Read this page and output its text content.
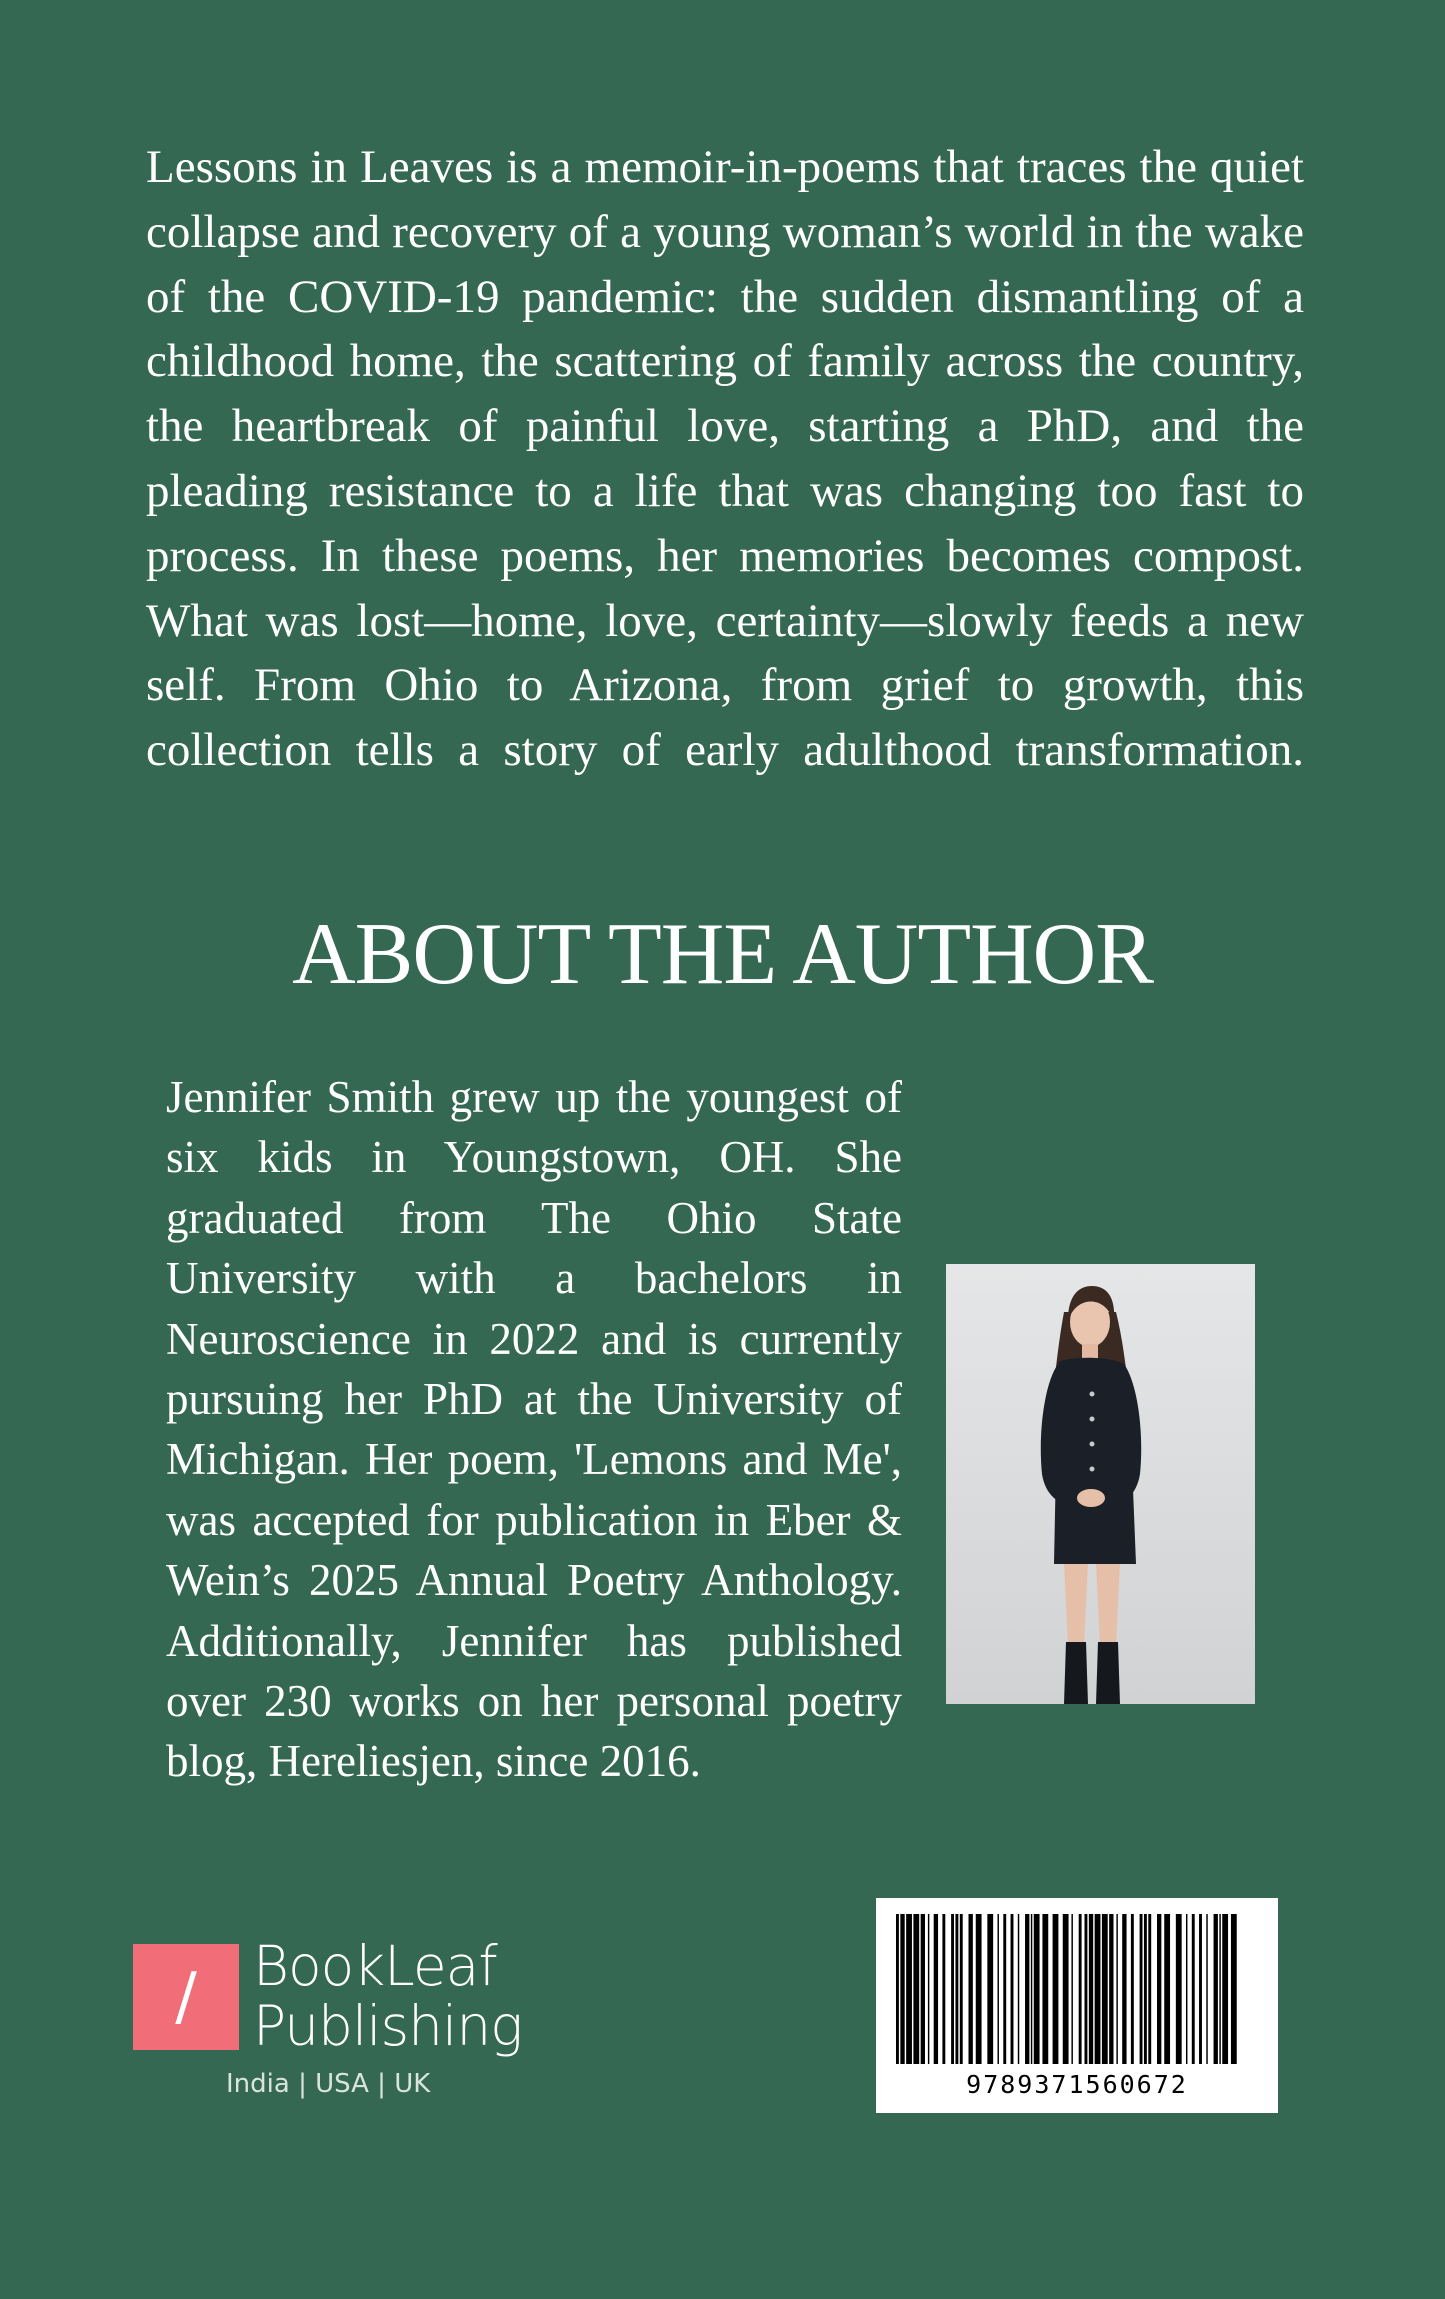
Lessons in Leaves is a memoir-in-poems that traces the quiet collapse and recovery of a young woman’s world in the wake of the COVID-19 pandemic: the sudden dismantling of a childhood home, the scattering of family across the country, the heartbreak of painful love, starting a PhD, and the pleading resistance to a life that was changing too fast to process. In these poems, her memories becomes compost. What was lost—home, love, certainty—slowly feeds a new self. From Ohio to Arizona, from grief to growth, this collection tells a story of early adulthood transformation.

ABOUT THE AUTHOR

Jennifer Smith grew up the youngest of six kids in Youngstown, OH. She graduated from The Ohio State University with a bachelors in Neuroscience in 2022 and is currently pursuing her PhD at the University of Michigan. Her poem, 'Lemons and Me', was accepted for publication in Eber & Wein’s 2025 Annual Poetry Anthology. Additionally, Jennifer has published over 230 works on her personal poetry blog, Hereliesjen, since 2016.

/	BookLeaf
Publishing
India | USA | UK	9789371560672
